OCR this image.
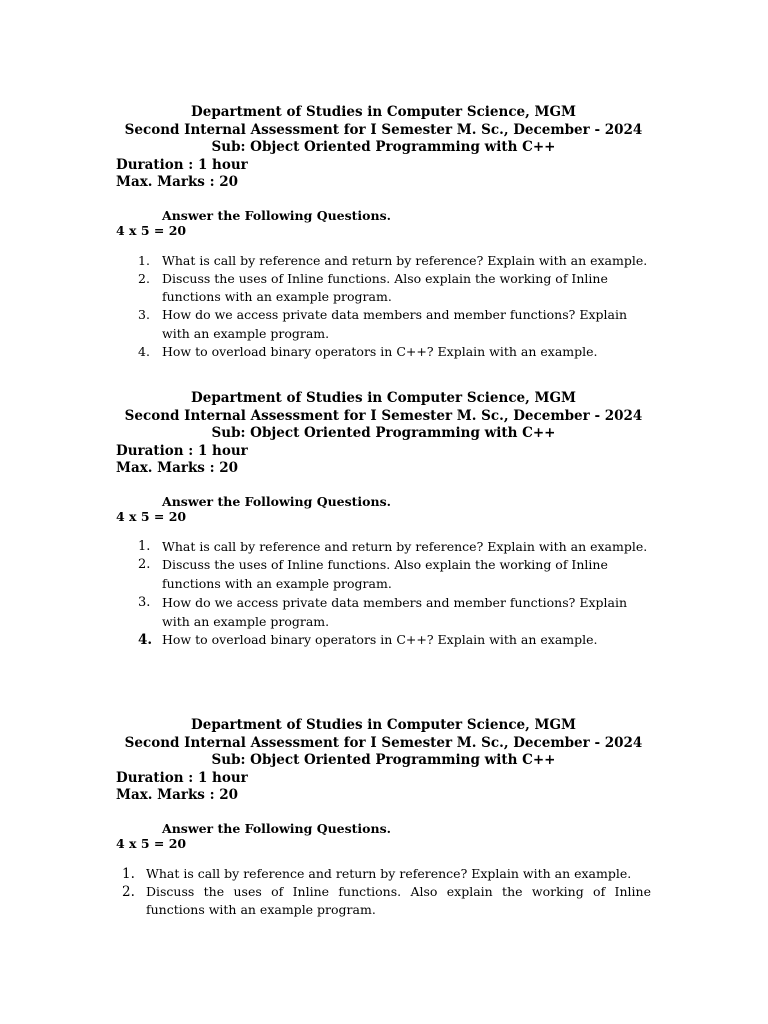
Department of Studies in Computer Science, MGM
Second Internal Assessment for I Semester M. Sc., December - 2024
Sub: Object Oriented Programming with C++
Duration : 1 hour
Max. Marks : 20
Answer the Following Questions.
4 x 5 = 20
1. What is call by reference and return by reference? Explain with an example.
2. Discuss the uses of Inline functions. Also explain the working of Inline functions with an example program.
3. How do we access private data members and member functions? Explain with an example program.
4. How to overload binary operators in C++? Explain with an example.
Department of Studies in Computer Science, MGM
Second Internal Assessment for I Semester M. Sc., December - 2024
Sub: Object Oriented Programming with C++
Duration : 1 hour
Max. Marks : 20
Answer the Following Questions.
4 x 5 = 20
1. What is call by reference and return by reference? Explain with an example.
2. Discuss the uses of Inline functions. Also explain the working of Inline functions with an example program.
3. How do we access private data members and member functions? Explain with an example program.
4. How to overload binary operators in C++? Explain with an example.
Department of Studies in Computer Science, MGM
Second Internal Assessment for I Semester M. Sc., December - 2024
Sub: Object Oriented Programming with C++
Duration : 1 hour
Max. Marks : 20
Answer the Following Questions.
4 x 5 = 20
1. What is call by reference and return by reference? Explain with an example.
2. Discuss the uses of Inline functions. Also explain the working of Inline functions with an example program.
